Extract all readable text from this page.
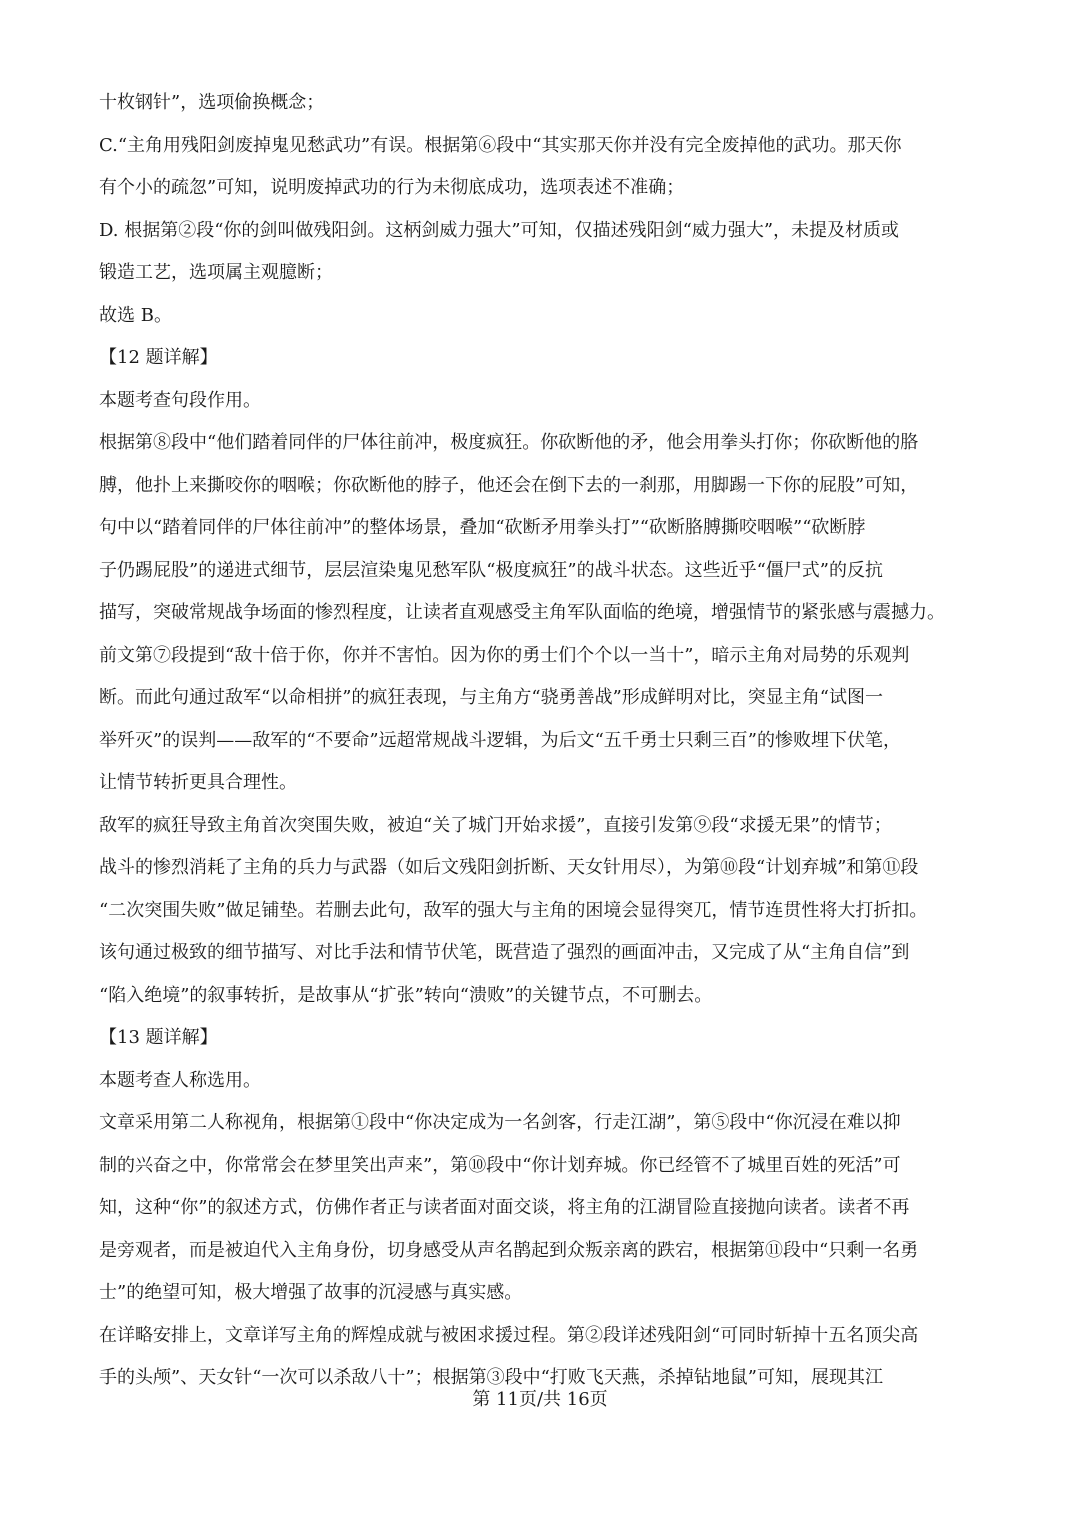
十枚钢针”，选项偷换概念；

C.“主角用残阳剑废掉鬼见愁武功”有误。根据第⑥段中“其实那天你并没有完全废掉他的武功。那天你

有个小的疏忽”可知，说明废掉武功的行为未彻底成功，选项表述不准确；

D. 根据第②段“你的剑叫做残阳剑。这柄剑威力强大”可知，仅描述残阳剑“威力强大”，未提及材质或

锻造工艺，选项属主观臆断；

故选 B。

【12 题详解】

本题考查句段作用。

根据第⑧段中“他们踏着同伴的尸体往前冲，极度疯狂。你砍断他的矛，他会用拳头打你；你砍断他的胳

膊，他扑上来撕咬你的咽喉；你砍断他的脖子，他还会在倒下去的一刹那，用脚踢一下你的屁股”可知，

句中以“踏着同伴的尸体往前冲”的整体场景，叠加“砍断矛用拳头打”“砍断胳膊撕咬咽喉”“砍断脖

子仍踢屁股”的递进式细节，层层渲染鬼见愁军队“极度疯狂”的战斗状态。这些近乎“僵尸式”的反抗

描写，突破常规战争场面的惨烈程度，让读者直观感受主角军队面临的绝境，增强情节的紧张感与震撼力。

前文第⑦段提到“敌十倍于你，你并不害怕。因为你的勇士们个个以一当十”，暗示主角对局势的乐观判

断。而此句通过敌军“以命相拼”的疯狂表现，与主角方“骁勇善战”形成鲜明对比，突显主角“试图一

举歼灭”的误判——敌军的“不要命”远超常规战斗逻辑，为后文“五千勇士只剩三百”的惨败埋下伏笔，

让情节转折更具合理性。

敌军的疯狂导致主角首次突围失败，被迫“关了城门开始求援”，直接引发第⑨段“求援无果”的情节；

战斗的惨烈消耗了主角的兵力与武器（如后文残阳剑折断、天女针用尽），为第⑩段“计划弃城”和第⑪段

“二次突围失败”做足铺垫。若删去此句，敌军的强大与主角的困境会显得突兀，情节连贯性将大打折扣。

该句通过极致的细节描写、对比手法和情节伏笔，既营造了强烈的画面冲击，又完成了从“主角自信”到

“陷入绝境”的叙事转折，是故事从“扩张”转向“溃败”的关键节点，不可删去。

【13 题详解】

本题考查人称选用。

文章采用第二人称视角，根据第①段中“你决定成为一名剑客，行走江湖”，第⑤段中“你沉浸在难以抑

制的兴奋之中，你常常会在梦里笑出声来”，第⑩段中“你计划弃城。你已经管不了城里百姓的死活”可

知，这种“你”的叙述方式，仿佛作者正与读者面对面交谈，将主角的江湖冒险直接抛向读者。读者不再

是旁观者，而是被迫代入主角身份，切身感受从声名鹊起到众叛亲离的跌宕，根据第⑪段中“只剩一名勇

士”的绝望可知，极大增强了故事的沉浸感与真实感。

在详略安排上，文章详写主角的辉煌成就与被困求援过程。第②段详述残阳剑“可同时斩掉十五名顶尖高

手的头颅”、天女针“一次可以杀敌八十”；根据第③段中“打败飞天燕，杀掉钻地鼠”可知，展现其江

第 11页/共 16页
